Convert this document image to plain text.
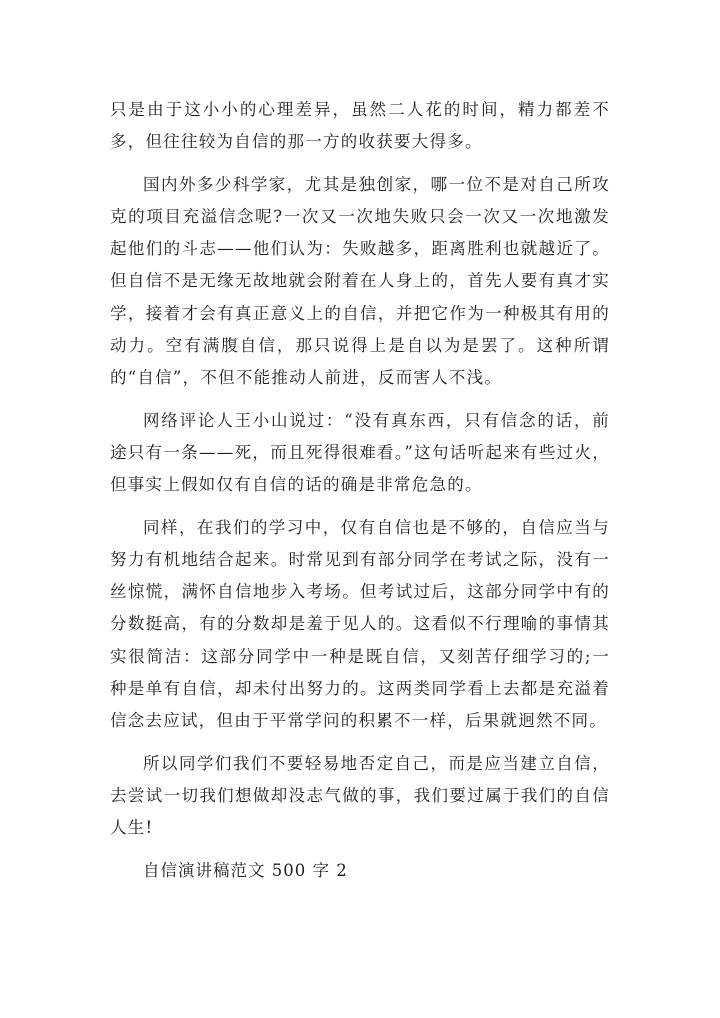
只是由于这小小的心理差异，虽然二人花的时间，精力都差不多，但往往较为自信的那一方的收获要大得多。

国内外多少科学家，尤其是独创家，哪一位不是对自己所攻克的项目充溢信念呢?一次又一次地失败只会一次又一次地激发起他们的斗志——他们认为：失败越多，距离胜利也就越近了。但自信不是无缘无故地就会附着在人身上的，首先人要有真才实学，接着才会有真正意义上的自信，并把它作为一种极其有用的动力。空有满腹自信，那只说得上是自以为是罢了。这种所谓的“自信”，不但不能推动人前进，反而害人不浅。

网络评论人王小山说过：“没有真东西，只有信念的话，前途只有一条——死，而且死得很难看。”这句话听起来有些过火，但事实上假如仅有自信的话的确是非常危急的。

同样，在我们的学习中，仅有自信也是不够的，自信应当与努力有机地结合起来。时常见到有部分同学在考试之际，没有一丝惊慌，满怀自信地步入考场。但考试过后，这部分同学中有的分数挺高，有的分数却是羞于见人的。这看似不行理喻的事情其实很简洁：这部分同学中一种是既自信，又刻苦仔细学习的;一种是单有自信，却未付出努力的。这两类同学看上去都是充溢着信念去应试，但由于平常学问的积累不一样，后果就迥然不同。

所以同学们我们不要轻易地否定自己，而是应当建立自信，去尝试一切我们想做却没志气做的事，我们要过属于我们的自信人生!

自信演讲稿范文 500 字 2
